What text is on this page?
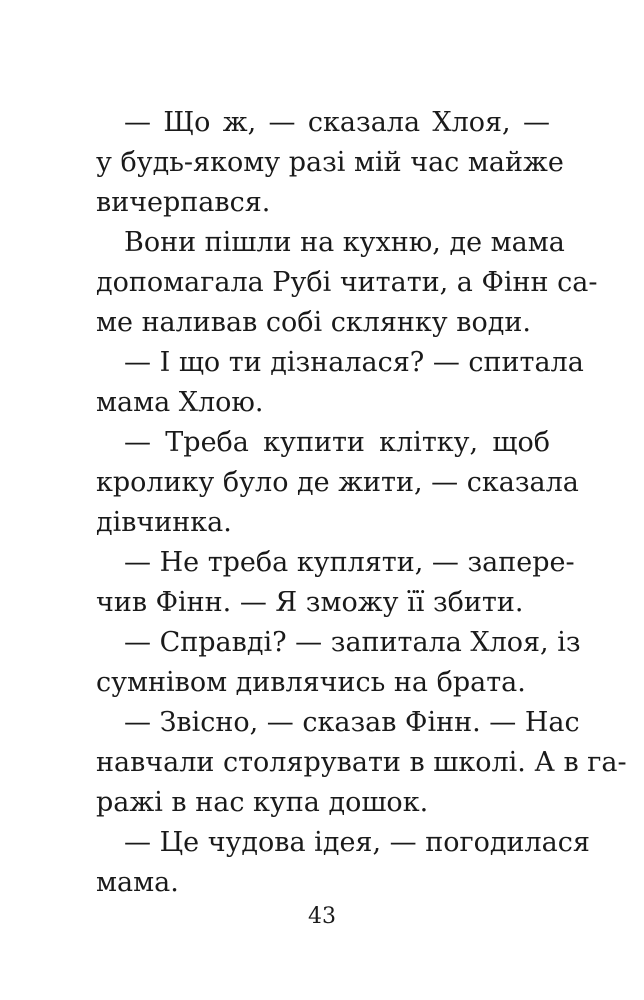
— Що ж, — сказала Хлоя, —
у будь-якому разі мій час майже
вичерпався.
Вони пішли на кухню, де мама
допомагала Рубі читати, а Фінн са-
ме наливав собі склянку води.
— І що ти дізналася? — спитала
мама Хлою.
— Треба купити клітку, щоб
кролику було де жити, — сказала
дівчинка.
— Не треба купляти, — запере-
чив Фінн. — Я зможу її збити.
— Справді? — запитала Хлоя, із
сумнівом дивлячись на брата.
— Звісно, — сказав Фінн. — Нас
навчали столярувати в школі. А в га-
ражі в нас купа дошок.
— Це чудова ідея, — погодилася
мама.
43
